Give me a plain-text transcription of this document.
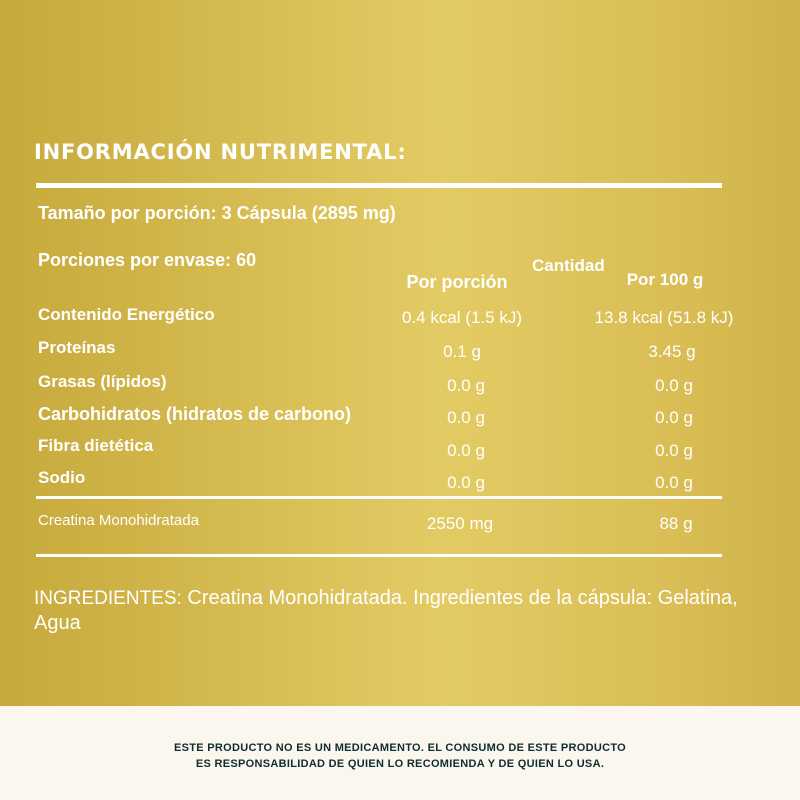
INFORMACIÓN NUTRIMENTAL:
Tamaño por porción: 3 Cápsula (2895 mg)
Porciones por envase: 60	Cantidad
Por porción	Por 100 g
Contenido Energético	0.4 kcal (1.5 kJ)	13.8 kcal (51.8 kJ)
Proteínas	0.1 g	3.45 g
Grasas (lípidos)	0.0 g	0.0 g
Carbohidratos (hidratos de carbono)	0.0 g	0.0 g
Fibra dietética	0.0 g	0.0 g
Sodio	0.0 g	0.0 g
Creatina Monohidratada	2550 mg	88 g
INGREDIENTES: Creatina Monohidratada. Ingredientes de la cápsula: Gelatina, Agua
ESTE PRODUCTO NO ES UN MEDICAMENTO. EL CONSUMO DE ESTE PRODUCTO
ES RESPONSABILIDAD DE QUIEN LO RECOMIENDA Y DE QUIEN LO USA.
